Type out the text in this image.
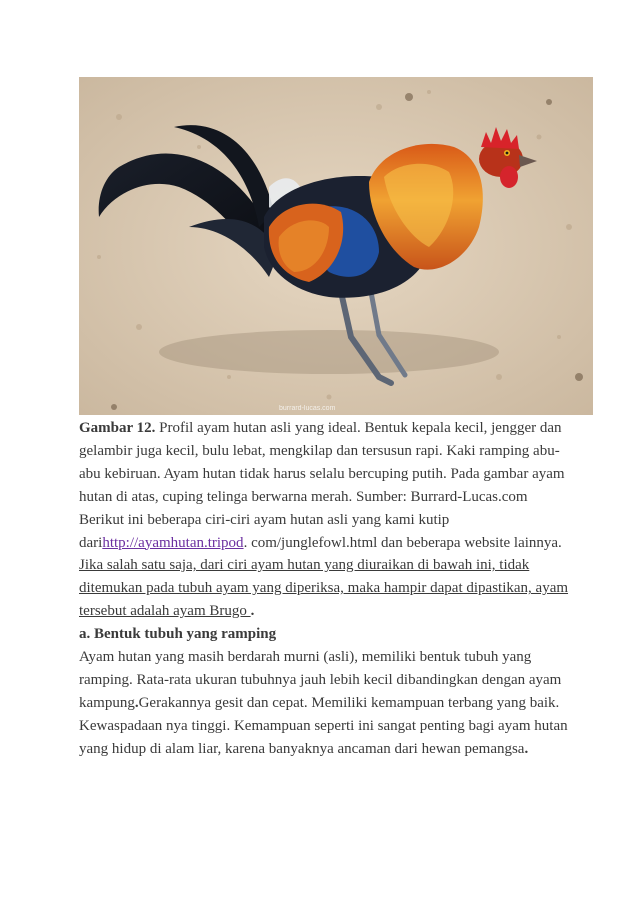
burrard-lucas.com

Gambar 12. Profil ayam hutan asli yang ideal. Bentuk kepala kecil, jengger dan gelambir juga kecil, bulu lebat, mengkilap dan tersusun rapi. Kaki ramping abu-abu kebiruan. Ayam hutan tidak harus selalu bercuping putih. Pada gambar ayam hutan di atas, cuping telinga berwarna merah. Sumber: Burrard-Lucas.com

Berikut ini beberapa ciri-ciri ayam hutan asli yang kami kutip darihttp://ayamhutan.tripod. com/junglefowl.html dan beberapa website lainnya. Jika salah satu saja, dari ciri ayam hutan yang diuraikan di bawah ini, tidak ditemukan pada tubuh ayam yang diperiksa, maka hampir dapat dipastikan, ayam tersebut adalah ayam Brugo .

a. Bentuk tubuh yang ramping

Ayam hutan yang masih berdarah murni (asli), memiliki bentuk tubuh yang ramping. Rata-rata ukuran tubuhnya jauh lebih kecil dibandingkan dengan ayam kampung.Gerakannya gesit dan cepat. Memiliki kemampuan terbang yang baik. Kewaspadaan nya tinggi. Kemampuan seperti ini sangat penting bagi ayam hutan yang hidup di alam liar, karena banyaknya ancaman dari hewan pemangsa.
